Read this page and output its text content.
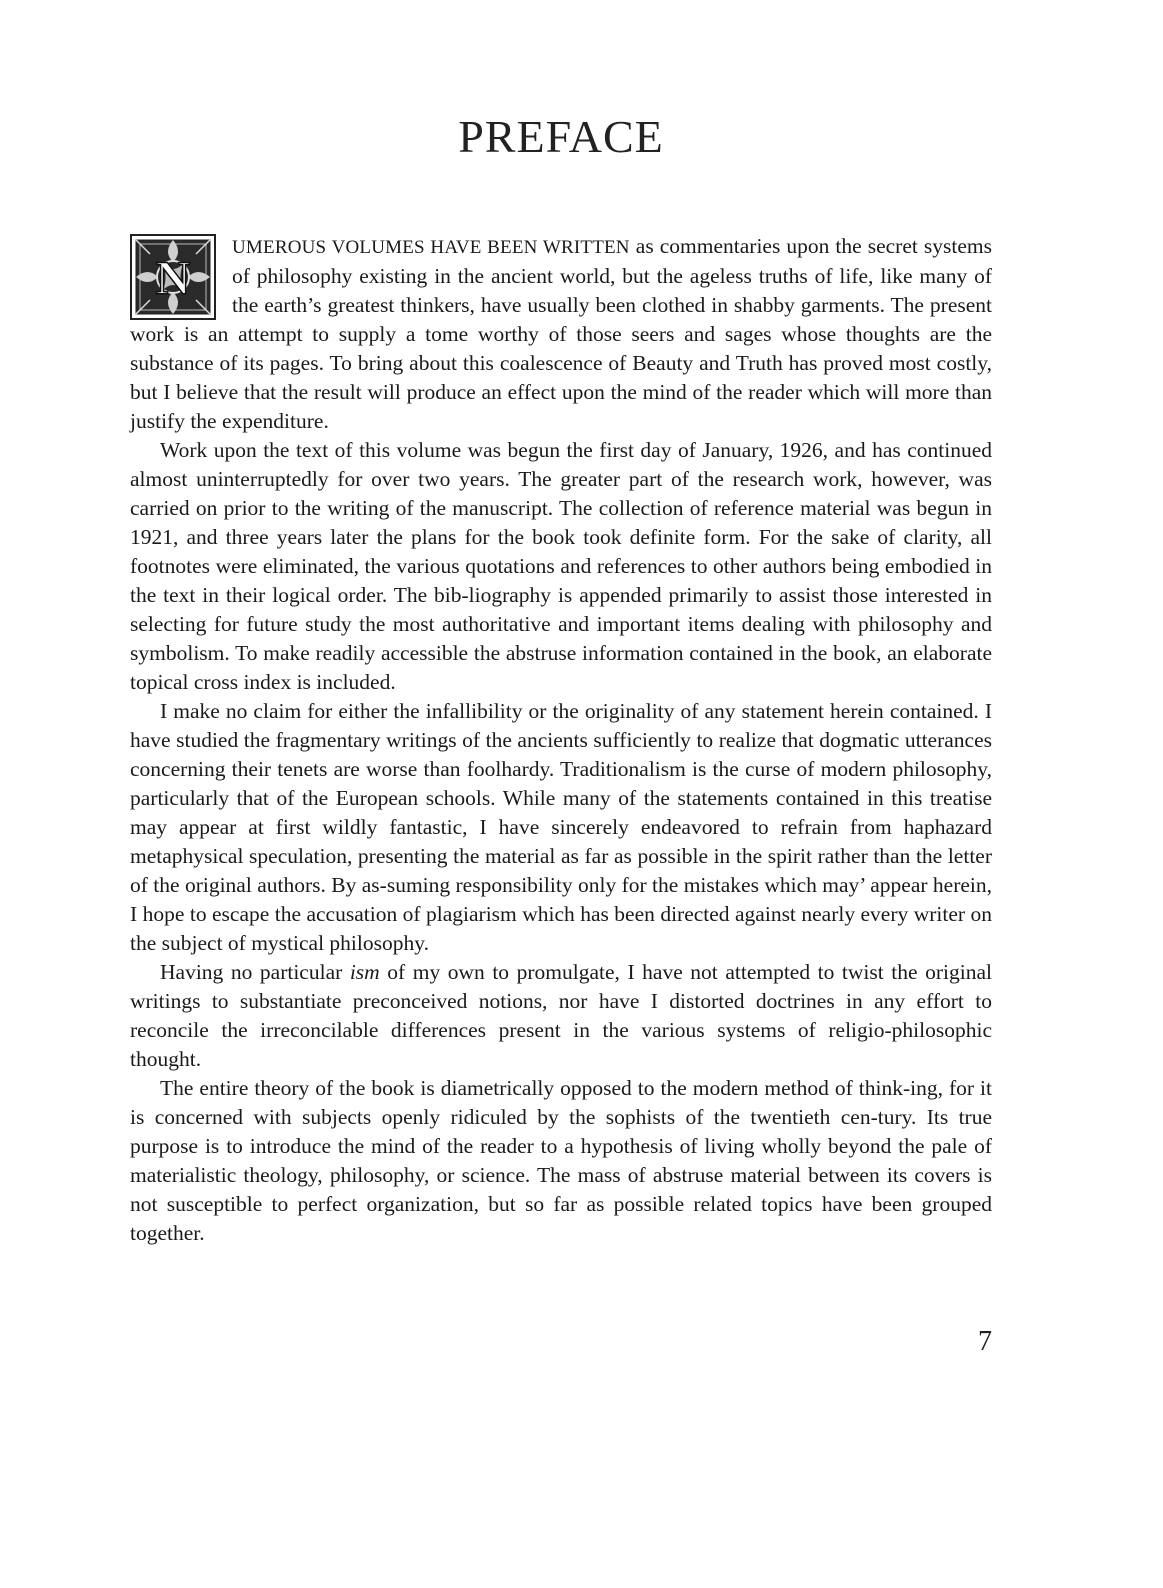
PREFACE

N
UMEROUS VOLUMES HAVE BEEN WRITTEN as commentaries upon the secret systems of philosophy existing in the ancient world, but the ageless truths of life, like many of the earth’s greatest thinkers, have usually been clothed in shabby garments. The present work is an attempt to supply a tome worthy of those seers and sages whose thoughts are the substance of its pages. To bring about this coalescence of Beauty and Truth has proved most costly, but I believe that the result will produce an effect upon the mind of the reader which will more than justify the expenditure.

Work upon the text of this volume was begun the first day of January, 1926, and has continued almost uninterruptedly for over two years. The greater part of the research work, however, was carried on prior to the writing of the manuscript. The collection of reference material was begun in 1921, and three years later the plans for the book took definite form. For the sake of clarity, all footnotes were eliminated, the various quotations and references to other authors being embodied in the text in their logical order. The bib-liography is appended primarily to assist those interested in selecting for future study the most authoritative and important items dealing with philosophy and symbolism. To make readily accessible the abstruse information contained in the book, an elaborate topical cross index is included.

I make no claim for either the infallibility or the originality of any statement herein contained. I have studied the fragmentary writings of the ancients sufficiently to realize that dogmatic utterances concerning their tenets are worse than foolhardy. Traditionalism is the curse of modern philosophy, particularly that of the European schools. While many of the statements contained in this treatise may appear at first wildly fantastic, I have sincerely endeavored to refrain from haphazard metaphysical speculation, presenting the material as far as possible in the spirit rather than the letter of the original authors. By as-suming responsibility only for the mistakes which may’ appear herein, I hope to escape the accusation of plagiarism which has been directed against nearly every writer on the subject of mystical philosophy.

Having no particular ism of my own to promulgate, I have not attempted to twist the original writings to substantiate preconceived notions, nor have I distorted doctrines in any effort to reconcile the irreconcilable differences present in the various systems of religio-philosophic thought.

The entire theory of the book is diametrically opposed to the modern method of think-ing, for it is concerned with subjects openly ridiculed by the sophists of the twentieth cen-tury. Its true purpose is to introduce the mind of the reader to a hypothesis of living wholly beyond the pale of materialistic theology, philosophy, or science. The mass of abstruse material between its covers is not susceptible to perfect organization, but so far as possible related topics have been grouped together.

7
